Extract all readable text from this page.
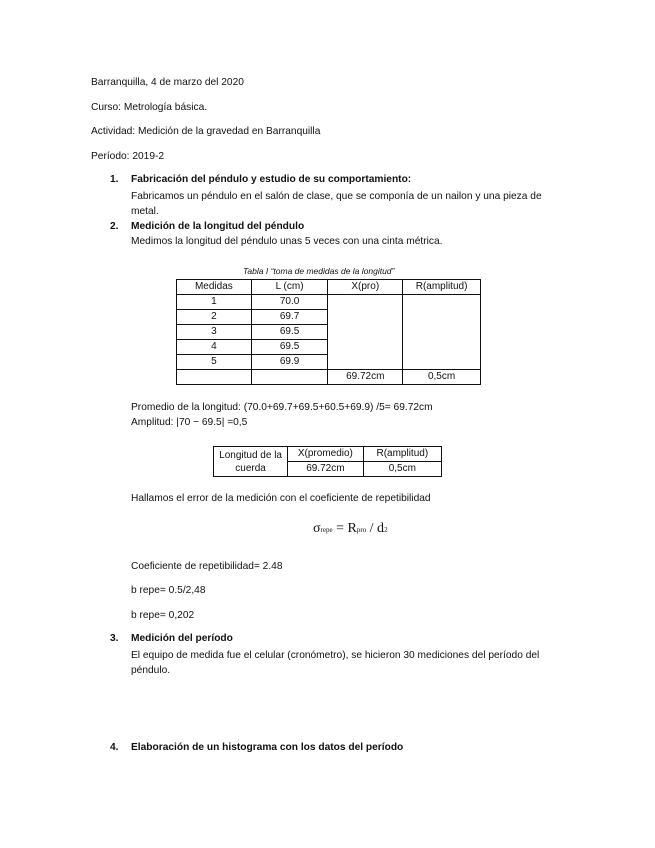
Barranquilla, 4 de marzo del 2020
Curso: Metrología básica.
Actividad: Medición de la gravedad en Barranquilla
Período: 2019-2
1. Fabricación del péndulo y estudio de su comportamiento:
Fabricamos un péndulo en el salón de clase, que se componía de un nailon y una pieza de metal.
2. Medición de la longitud del péndulo
Medimos la longitud del péndulo unas 5 veces con una cinta métrica.
Tabla I “toma de medidas de la longitud”
Medidas	L (cm)	X(pro)	R(amplitud)
1	70.0		
2	69.7		
3	69.5		
4	69.5		
5	69.9		
		69.72cm	0,5cm
Promedio de la longitud: (70.0+69.7+69.5+60.5+69.9) /5= 69.72cm
Amplitud: |70 − 69.5| =0,5
Longitud de la cuerda	X(promedio)	R(amplitud)
	69.72cm	0,5cm
Hallamos el error de la medición con el coeficiente de repetibilidad
σrepe = Rpro / d2
Coeficiente de repetibilidad= 2.48
b repe= 0.5/2,48
b repe= 0,202
3. Medición del período
El equipo de medida fue el celular (cronómetro), se hicieron 30 mediciones del período del péndulo.
4. Elaboración de un histograma con los datos del período
